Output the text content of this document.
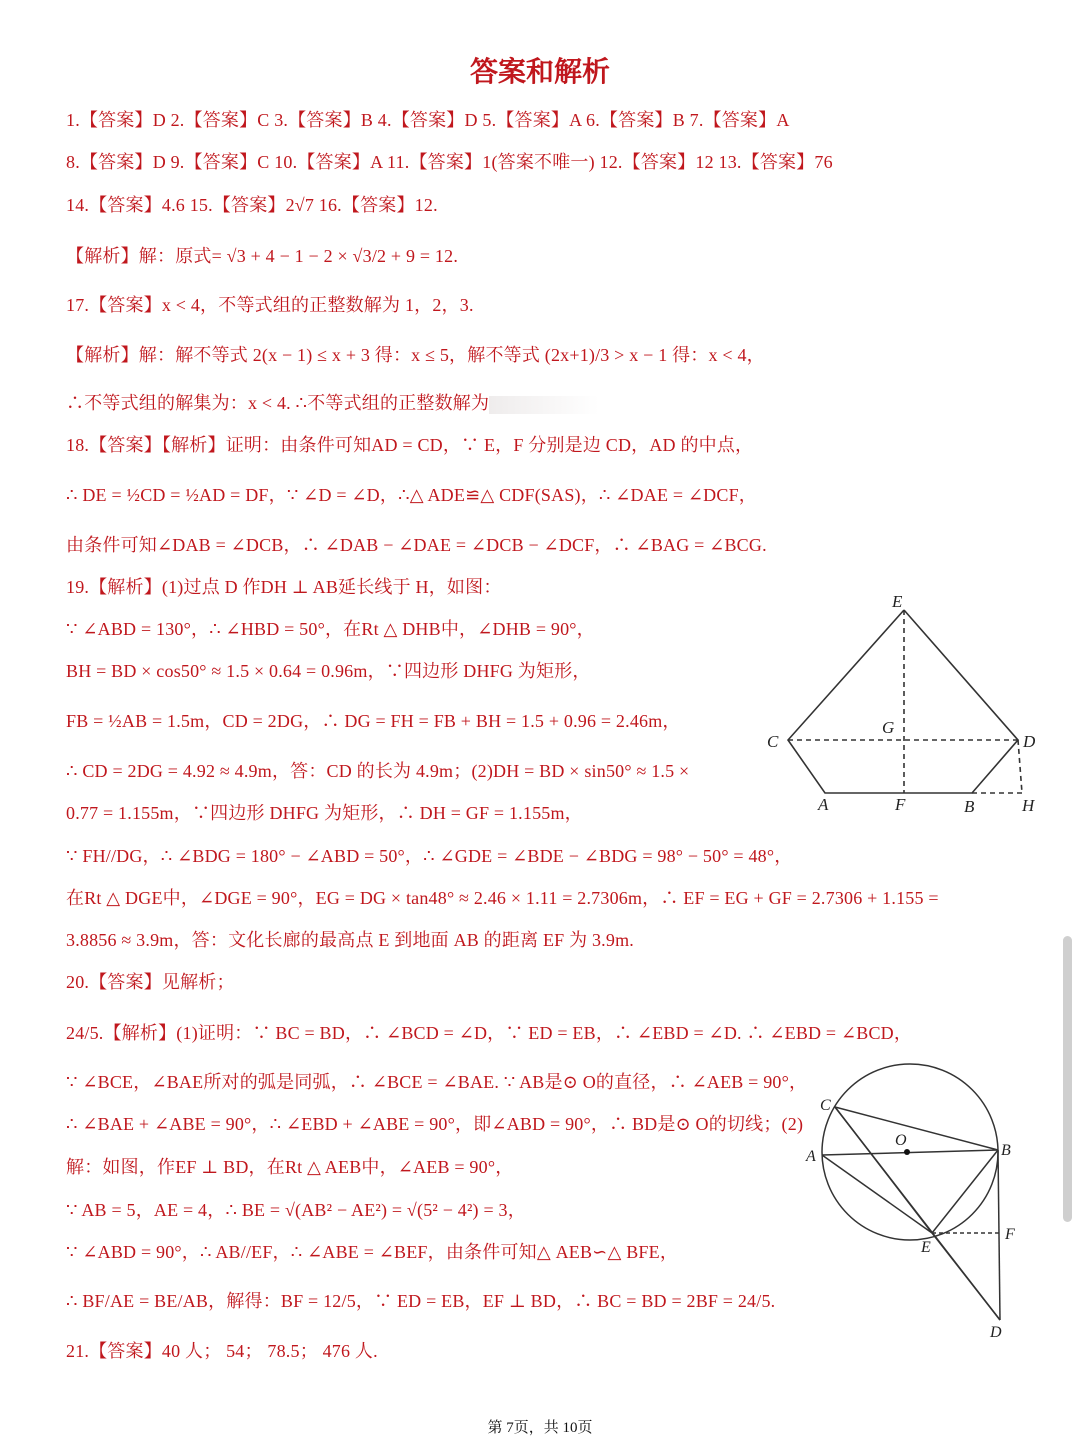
答案和解析
1.【答案】D 2.【答案】C 3.【答案】B 4.【答案】D 5.【答案】A 6.【答案】B 7.【答案】A
8.【答案】D 9.【答案】C 10.【答案】A 11.【答案】1(答案不唯一) 12.【答案】12 13.【答案】76
14.【答案】4.6 15.【答案】2√7 16.【答案】12.
【解析】解：原式= √3 + 4 − 1 − 2 × √3/2 + 9 = 12.
17.【答案】x < 4，不等式组的正整数解为 1，2，3.
【解析】解：解不等式 2(x − 1) ≤ x + 3 得：x ≤ 5，解不等式 (2x+1)/3 > x − 1 得：x < 4，
∴不等式组的解集为：x < 4. ∴不等式组的正整数解为
18.【答案】【解析】证明：由条件可知AD = CD，∵ E，F 分别是边 CD，AD 的中点，
∴ DE = ½CD = ½AD = DF，∵ ∠D = ∠D，∴△ ADE≌△ CDF(SAS)，∴ ∠DAE = ∠DCF，
由条件可知∠DAB = ∠DCB，∴ ∠DAB − ∠DAE = ∠DCB − ∠DCF，∴ ∠BAG = ∠BCG.
19.【解析】(1)过点 D 作DH ⊥ AB延长线于 H，如图：
∵ ∠ABD = 130°，∴ ∠HBD = 50°，在Rt △ DHB中，∠DHB = 90°，
BH = BD × cos50° ≈ 1.5 × 0.64 = 0.96m，∵四边形 DHFG 为矩形，
FB = ½AB = 1.5m，CD = 2DG，∴ DG = FH = FB + BH = 1.5 + 0.96 = 2.46m，
∴ CD = 2DG = 4.92 ≈ 4.9m，答：CD 的长为 4.9m；(2)DH = BD × sin50° ≈ 1.5 ×
0.77 = 1.155m，∵四边形 DHFG 为矩形，∴ DH = GF = 1.155m，
∵ FH//DG，∴ ∠BDG = 180° − ∠ABD = 50°，∴ ∠GDE = ∠BDE − ∠BDG = 98° − 50° = 48°，
在Rt △ DGE中，∠DGE = 90°，EG = DG × tan48° ≈ 2.46 × 1.11 = 2.7306m，∴ EF = EG + GF = 2.7306 + 1.155 =
3.8856 ≈ 3.9m，答：文化长廊的最高点 E 到地面 AB 的距离 EF 为 3.9m.
20.【答案】见解析；
24/5.【解析】(1)证明：∵ BC = BD，∴ ∠BCD = ∠D，∵ ED = EB，∴ ∠EBD = ∠D. ∴ ∠EBD = ∠BCD，
∵ ∠BCE，∠BAE所对的弧是同弧，∴ ∠BCE = ∠BAE. ∵ AB是⊙ O的直径，∴ ∠AEB = 90°，
∴ ∠BAE + ∠ABE = 90°，∴ ∠EBD + ∠ABE = 90°，即∠ABD = 90°，∴ BD是⊙ O的切线；(2)
解：如图，作EF ⊥ BD，在Rt △ AEB中，∠AEB = 90°，
∵ AB = 5，AE = 4，∴ BE = √(AB² − AE²) = √(5² − 4²) = 3，
∵ ∠ABD = 90°，∴ AB//EF，∴ ∠ABE = ∠BEF，由条件可知△ AEB∽△ BFE，
∴ BF/AE = BE/AB，解得：BF = 12/5，∵ ED = EB，EF ⊥ BD，∴ BC = BD = 2BF = 24/5.
21.【答案】40 人； 54； 78.5； 476 人.
E
G
C	D
A	F	B	H
C
O
A	B
E
F
D
第 7页，共 10页
